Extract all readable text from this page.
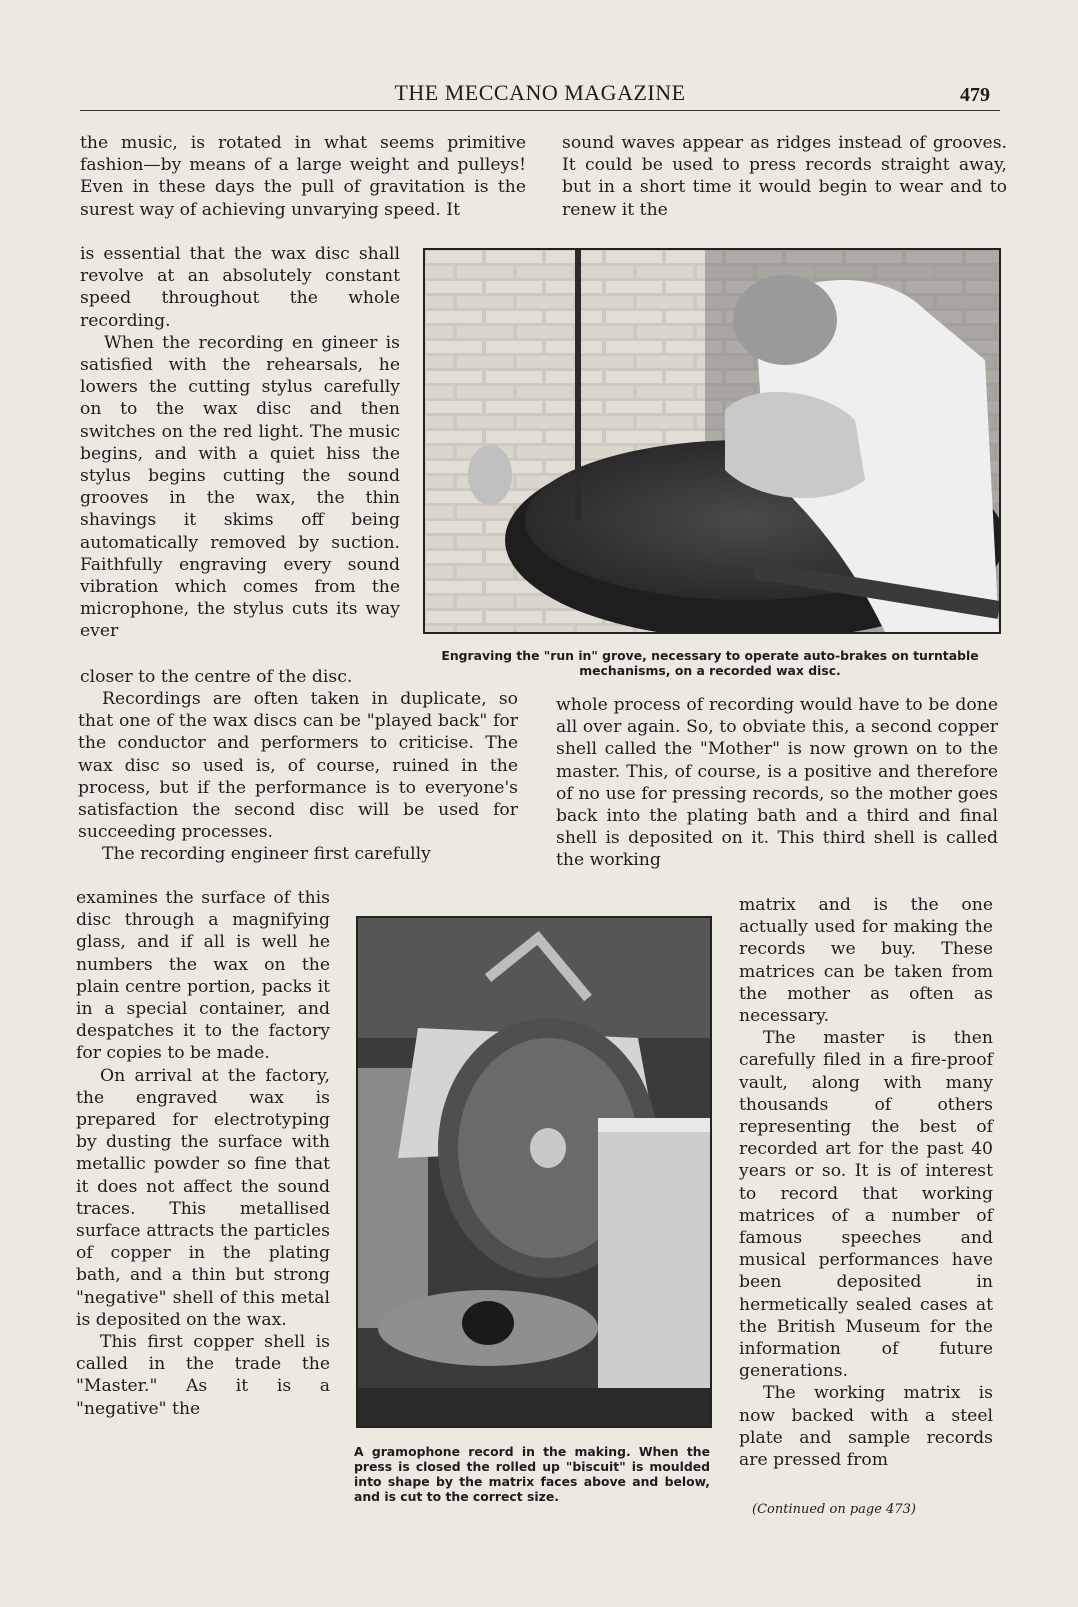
THE MECCANO MAGAZINE	479

the music, is rotated in what seems primitive fashion—by means of a large weight and pulleys! Even in these days the pull of gravitation is the surest way of achieving unvarying speed. It

is essential that the wax disc shall revolve at an absolutely constant speed throughout the whole recording.

When the recording en gineer is satisfied with the rehearsals, he lowers the cutting stylus carefully on to the wax disc and then switches on the red light. The music begins, and with a quiet hiss the stylus begins cutting the sound grooves in the wax, the thin shavings it skims off being automatically removed by suction. Faithfully engraving every sound vibration which comes from the microphone, the stylus cuts its way ever

closer to the centre of the disc.

Recordings are often taken in duplicate, so that one of the wax discs can be "played back" for the conductor and performers to criticise. The wax disc so used is, of course, ruined in the process, but if the performance is to everyone's satisfaction the second disc will be used for succeeding processes.

The recording engineer first carefully

examines the surface of this disc through a magnifying glass, and if all is well he numbers the wax on the plain centre portion, packs it in a special container, and despatches it to the factory for copies to be made.

On arrival at the factory, the engraved wax is prepared for electrotyping by dusting the surface with metallic powder so fine that it does not affect the sound traces. This metallised surface attracts the particles of copper in the plating bath, and a thin but strong "negative" shell of this metal is deposited on the wax.

This first copper shell is called in the trade the "Master." As it is a "negative" the

sound waves appear as ridges instead of grooves. It could be used to press records straight away, but in a short time it would begin to wear and to renew it the

Engraving the "run in" grove, necessary to operate auto-brakes on turntable mechanisms, on a recorded wax disc.

whole process of recording would have to be done all over again. So, to obviate this, a second copper shell called the "Mother" is now grown on to the master. This, of course, is a positive and therefore of no use for pressing records, so the mother goes back into the plating bath and a third and final shell is deposited on it. This third shell is called the working

A gramophone record in the making. When the press is closed the rolled up "biscuit" is moulded into shape by the matrix faces above and below, and is cut to the correct size.

matrix and is the one actually used for making the records we buy. These matrices can be taken from the mother as often as necessary.

The master is then carefully filed in a fire-proof vault, along with many thousands of others representing the best of recorded art for the past 40 years or so. It is of interest to record that working matrices of a number of famous speeches and musical performances have been deposited in hermetically sealed cases at the British Museum for the information of future generations.

The working matrix is now backed with a steel plate and sample records are pressed from

(Continued on page 473)
